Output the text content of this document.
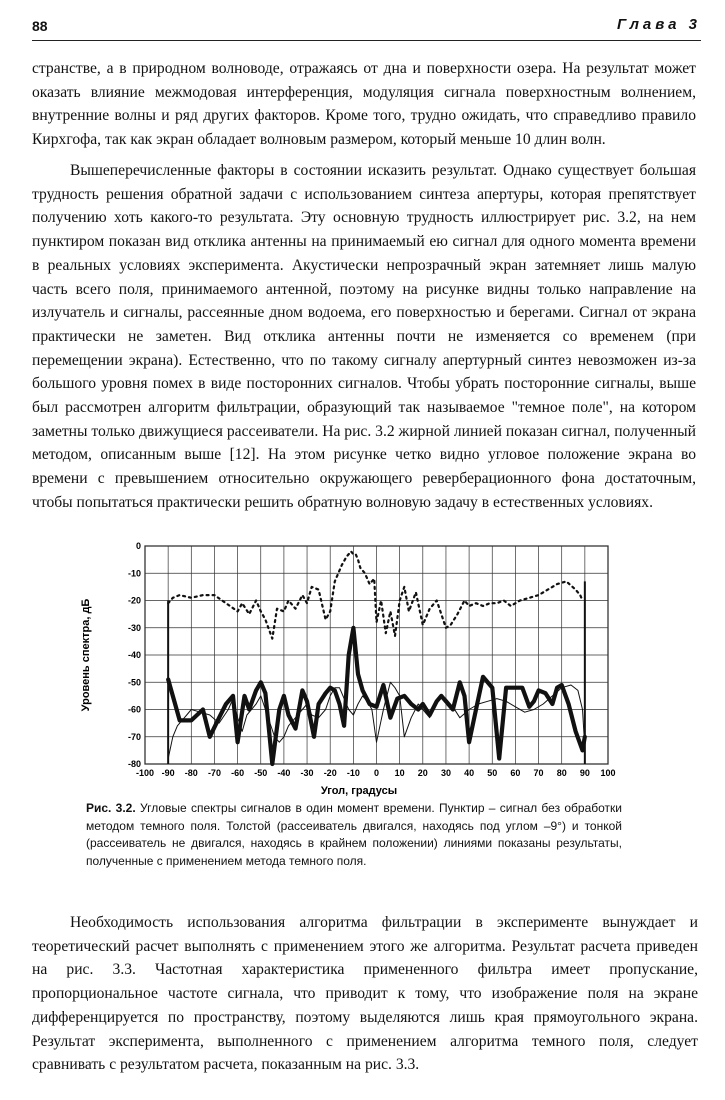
88	Глава 3

странстве, а в природном волноводе, отражаясь от дна и поверхности озера. На результат может оказать влияние межмодовая интерференция, модуляция сигнала поверхностным волнением, внутренние волны и ряд других факторов. Кроме того, трудно ожидать, что справедливо правило Кирхгофа, так как экран обладает волновым размером, который меньше 10 длин волн.

Вышеперечисленные факторы в состоянии исказить результат. Однако существует большая трудность решения обратной задачи с использованием синтеза апертуры, которая препятствует получению хоть какого-то результата. Эту основную трудность иллюстрирует рис. 3.2, на нем пунктиром показан вид отклика антенны на принимаемый ею сигнал для одного момента времени в реальных условиях эксперимента. Акустически непрозрачный экран затемняет лишь малую часть всего поля, принимаемого антенной, поэтому на рисунке видны только направление на излучатель и сигналы, рассеянные дном водоема, его поверхностью и берегами. Сигнал от экрана практически не заметен. Вид отклика антенны почти не изменяется со временем (при перемещении экрана). Естественно, что по такому сигналу апертурный синтез невозможен из-за большого уровня помех в виде посторонних сигналов. Чтобы убрать посторонние сигналы, выше был рассмотрен алгоритм фильтрации, образующий так называемое "темное поле", на котором заметны только движущиеся рассеиватели. На рис. 3.2 жирной линией показан сигнал, полученный методом, описанным выше [12]. На этом рисунке четко видно угловое положение экрана во времени с превышением относительно окружающего реверберационного фона достаточным, чтобы попытаться практически решить обратную волновую задачу в естественных условиях.

-100 -90 -80 -70 -60 -50 -40 -30 -20 -10 0 10 20 30 40 50 60 70 80 90 100
0
-10
-20
-30
-40
-50
-60
-70
-80
Уровень спектра, дБ
Угол, градусы

Рис. 3.2. Угловые спектры сигналов в один момент времени. Пунктир – сигнал без обработки методом темного поля. Толстой (рассеиватель двигался, находясь под углом –9°) и тонкой (рассеиватель не двигался, находясь в крайнем положении) линиями показаны результаты, полученные с применением метода темного поля.

Необходимость использования алгоритма фильтрации в эксперименте вынуждает и теоретический расчет выполнять с применением этого же алгоритма. Результат расчета приведен на рис. 3.3. Частотная характеристика примененного фильтра имеет пропускание, пропорциональное частоте сигнала, что приводит к тому, что изображение поля на экране дифференцируется по пространству, поэтому выделяются лишь края прямоугольного экрана. Результат эксперимента, выполненного с применением алгоритма темного поля, следует сравнивать с результатом расчета, показанным на рис. 3.3.
